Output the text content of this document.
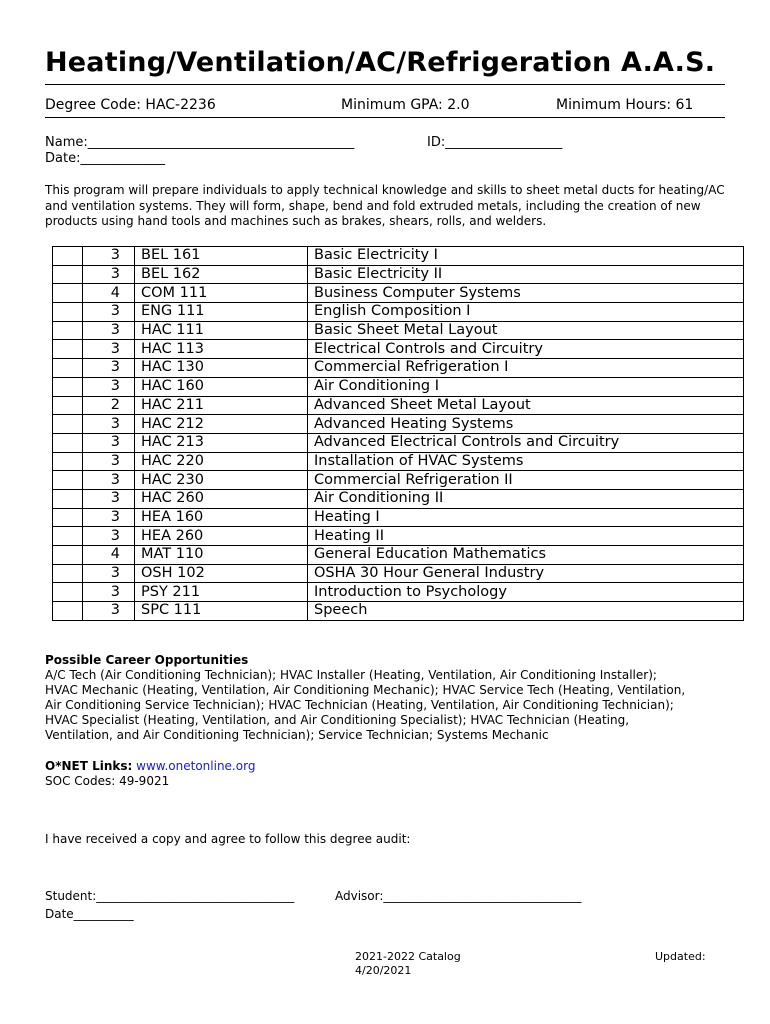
Heating/Ventilation/AC/Refrigeration A.A.S.
Degree Code: HAC-2236	Minimum GPA: 2.0	Minimum Hours: 61
Name:_________________________________________	ID:__________________
Date:_____________
This program will prepare individuals to apply technical knowledge and skills to sheet metal ducts for heating/AC and ventilation systems. They will form, shape, bend and fold extruded metals, including the creation of new products using hand tools and machines such as brakes, shears, rolls, and welders.
	3	BEL 161	Basic Electricity I
	3	BEL 162	Basic Electricity II
	4	COM 111	Business Computer Systems
	3	ENG 111	English Composition I
	3	HAC 111	Basic Sheet Metal Layout
	3	HAC 113	Electrical Controls and Circuitry
	3	HAC 130	Commercial Refrigeration I
	3	HAC 160	Air Conditioning I
	2	HAC 211	Advanced Sheet Metal Layout
	3	HAC 212	Advanced Heating Systems
	3	HAC 213	Advanced Electrical Controls and Circuitry
	3	HAC 220	Installation of HVAC Systems
	3	HAC 230	Commercial Refrigeration II
	3	HAC 260	Air Conditioning II
	3	HEA 160	Heating I
	3	HEA 260	Heating II
	4	MAT 110	General Education Mathematics
	3	OSH 102	OSHA 30 Hour General Industry
	3	PSY 211	Introduction to Psychology
	3	SPC 111	Speech
Possible Career Opportunities
A/C Tech (Air Conditioning Technician); HVAC Installer (Heating, Ventilation, Air Conditioning Installer);
HVAC Mechanic (Heating, Ventilation, Air Conditioning Mechanic); HVAC Service Tech (Heating, Ventilation,
Air Conditioning Service Technician); HVAC Technician (Heating, Ventilation, Air Conditioning Technician);
HVAC Specialist (Heating, Ventilation, and Air Conditioning Specialist); HVAC Technician (Heating,
Ventilation, and Air Conditioning Technician); Service Technician; Systems Mechanic
O*NET Links: www.onetonline.org
SOC Codes: 49-9021
I have received a copy and agree to follow this degree audit:
Student:_________________________________	Advisor:_________________________________
Date__________
2021-2022 Catalog
4/20/2021
Updated:
